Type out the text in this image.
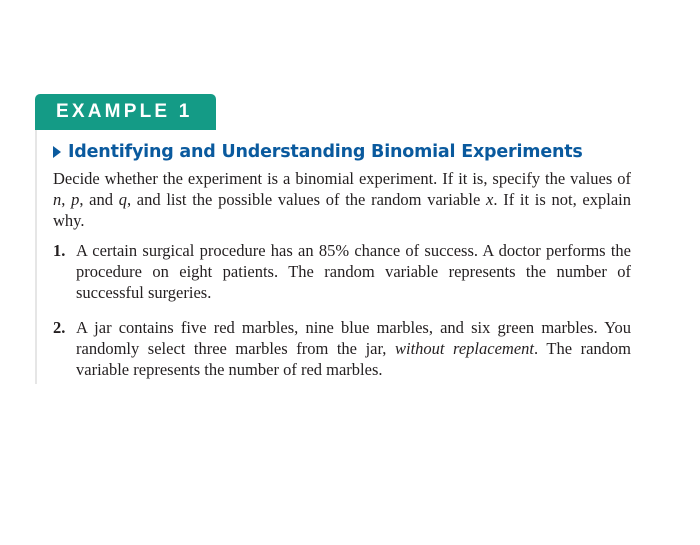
EXAMPLE 1
Identifying and Understanding Binomial Experiments

Decide whether the experiment is a binomial experiment. If it is, specify the values of n, p, and q, and list the possible values of the random variable x. If it is not, explain why.

1. A certain surgical procedure has an 85% chance of success. A doctor performs the procedure on eight patients. The random variable represents the number of successful surgeries.
2. A jar contains five red marbles, nine blue marbles, and six green marbles. You randomly select three marbles from the jar, without replacement. The random variable represents the number of red marbles.
